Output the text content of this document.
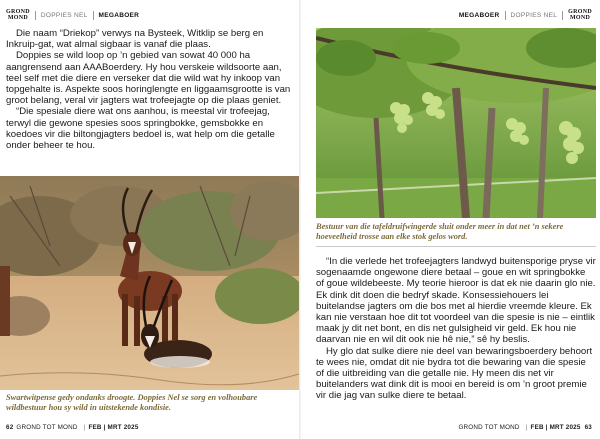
GROND
MOND DOPPIES NEL MEGABOER	MEGABOER DOPPIES NEL GROND
MOND

Die naam “Driekop” verwys na Bysteek, Witklip se berg en Inkruip-gat, wat almal sigbaar is vanaf die plaas.

Doppies se wild loop op ’n gebied van sowat 40 000 ha aangrensend aan AAABoerdery. Hy hou verskeie wildsoorte aan, teel self met die diere en verseker dat die wild wat hy inkoop van topgehalte is. Aspekte soos horinglengte en liggaamsgrootte is van groot belang, veral vir jagters wat trofeejagte op die plaas geniet.

“Die spesiale diere wat ons aanhou, is meestal vir trofeejag, terwyl die gewone spesies soos springbokke, gemsbokke en koedoes vir die biltongjagters bedoel is, wat help om die getalle onder beheer te hou.

Swartwitpense gedy ondanks droogte. Doppies Nel se sorg en volhoubare wildbestuur hou sy wild in uitstekende kondisie.
Bestuur van die tafeldruifwingerde sluit onder meer in dat net ’n sekere hoeveelheid trosse aan elke stok gelos word.

“In die verlede het trofeejagters landwyd buitensporige pryse vir sogenaamde ongewone diere betaal – goue en wit springbokke of goue wildebeeste. My teorie hieroor is dat ek nie daarin glo nie. Ek dink dit doen die bedryf skade. Konsessiehouers lei buitelandse jagters om die bos met al hierdie vreemde kleure. Ek kan nie verstaan hoe dit tot voordeel van die spesie is nie – eintlik maak jy dit net bont, en dis net gulsigheid vir geld. Ek hou nie daarvan nie en wil dit ook nie hê nie,” sê hy beslis.

Hy glo dat sulke diere nie deel van bewaringsboerdery behoort te wees nie, omdat dit nie bydra tot die bewaring van die spesie of die uitbreiding van die getalle nie. Hy meen dis net vir buitelanders wat dink dit is mooi en bereid is om ’n groot premie vir die jag van sulke diere te betaal.

62 GROND TOT MOND | FEB | MRT 2025	GROND TOT MOND | FEB | MRT 2025 63
